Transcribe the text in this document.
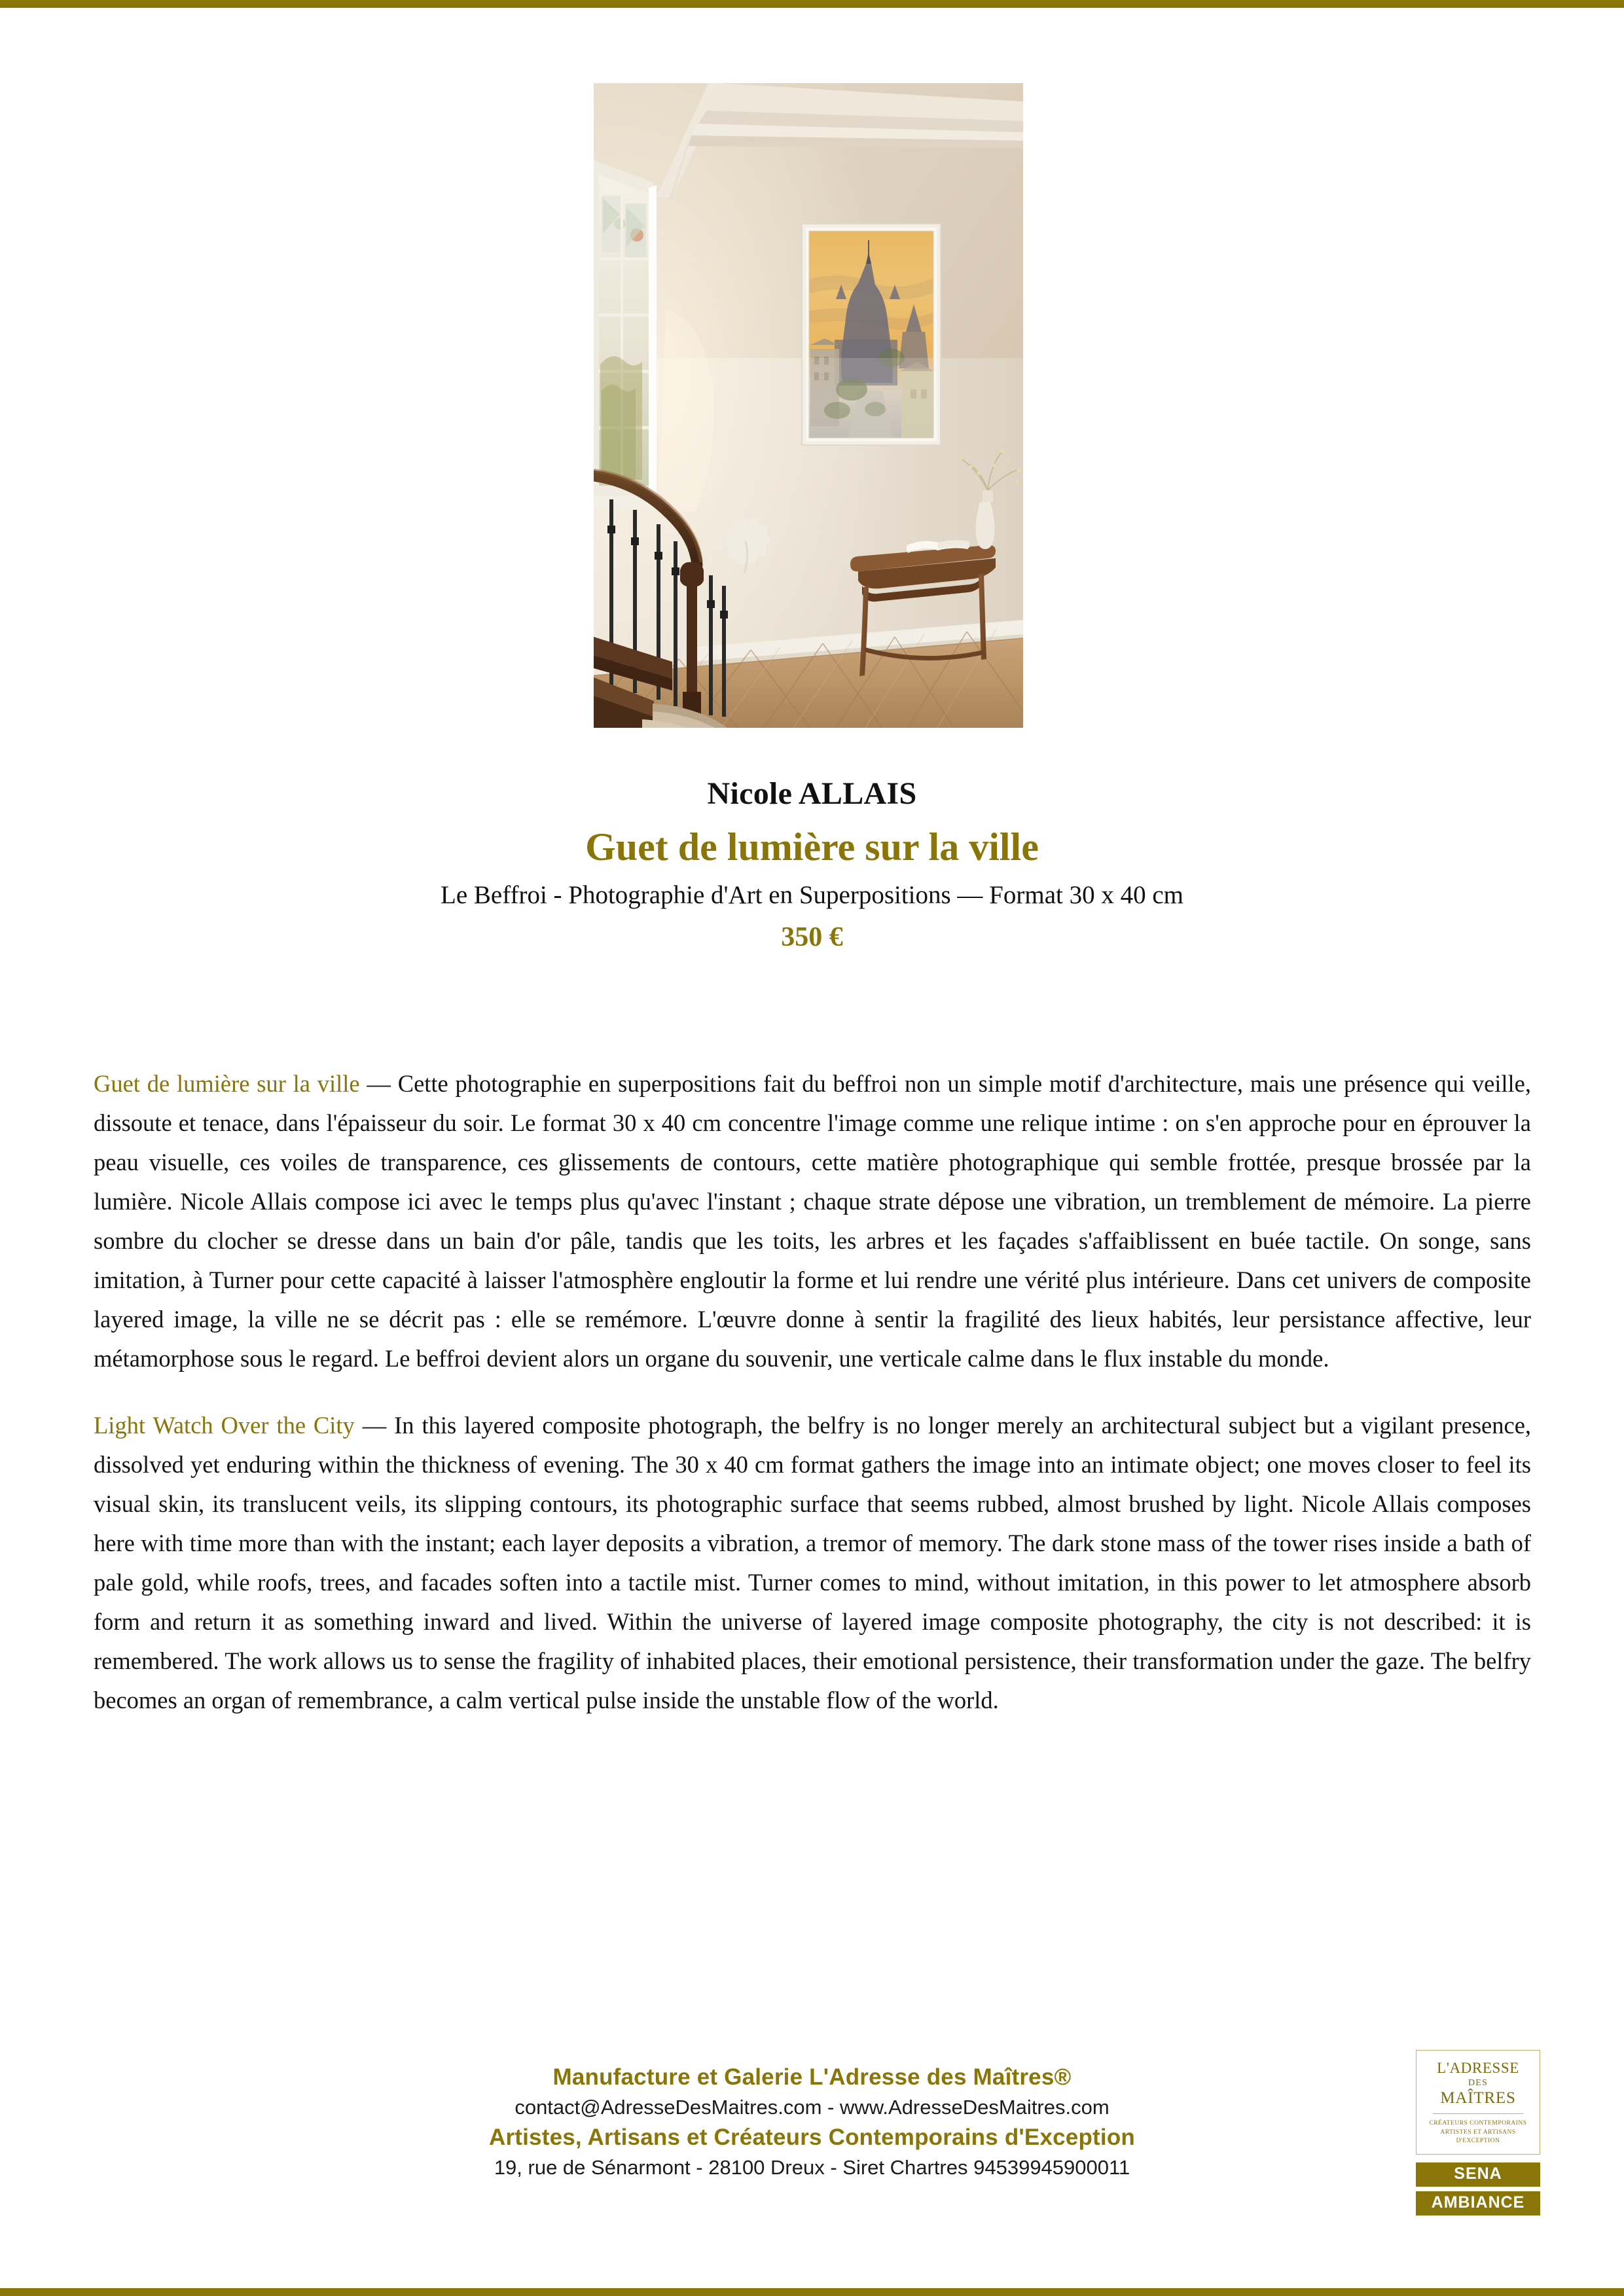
Nicole ALLAIS
Guet de lumière sur la ville
Le Beffroi - Photographie d'Art en Superpositions — Format 30 x 40 cm
350 €

Guet de lumière sur la ville — Cette photographie en superpositions fait du beffroi non un simple motif d'architecture, mais une présence qui veille, dissoute et tenace, dans l'épaisseur du soir. Le format 30 x 40 cm concentre l'image comme une relique intime : on s'en approche pour en éprouver la peau visuelle, ces voiles de transparence, ces glissements de contours, cette matière photographique qui semble frottée, presque brossée par la lumière. Nicole Allais compose ici avec le temps plus qu'avec l'instant ; chaque strate dépose une vibration, un tremblement de mémoire. La pierre sombre du clocher se dresse dans un bain d'or pâle, tandis que les toits, les arbres et les façades s'affaiblissent en buée tactile. On songe, sans imitation, à Turner pour cette capacité à laisser l'atmosphère engloutir la forme et lui rendre une vérité plus intérieure. Dans cet univers de composite layered image, la ville ne se décrit pas : elle se remémore. L'œuvre donne à sentir la fragilité des lieux habités, leur persistance affective, leur métamorphose sous le regard. Le beffroi devient alors un organe du souvenir, une verticale calme dans le flux instable du monde.

Light Watch Over the City — In this layered composite photograph, the belfry is no longer merely an architectural subject but a vigilant presence, dissolved yet enduring within the thickness of evening. The 30 x 40 cm format gathers the image into an intimate object; one moves closer to feel its visual skin, its translucent veils, its slipping contours, its photographic surface that seems rubbed, almost brushed by light. Nicole Allais composes here with time more than with the instant; each layer deposits a vibration, a tremor of memory. The dark stone mass of the tower rises inside a bath of pale gold, while roofs, trees, and facades soften into a tactile mist. Turner comes to mind, without imitation, in this power to let atmosphere absorb form and return it as something inward and lived. Within the universe of layered image composite photography, the city is not described: it is remembered. The work allows us to sense the fragility of inhabited places, their emotional persistence, their transformation under the gaze. The belfry becomes an organ of remembrance, a calm vertical pulse inside the unstable flow of the world.

Manufacture et Galerie L'Adresse des Maîtres®
contact@AdresseDesMaitres.com - www.AdresseDesMaitres.com
Artistes, Artisans et Créateurs Contemporains d'Exception
19, rue de Sénarmont - 28100 Dreux - Siret Chartres 94539945900011
L'ADRESSE
DES
MAÎTRES
CRÉATEURS CONTEMPORAINS
ARTISTES ET ARTISANS
D'EXCEPTION
SENA
AMBIANCE
